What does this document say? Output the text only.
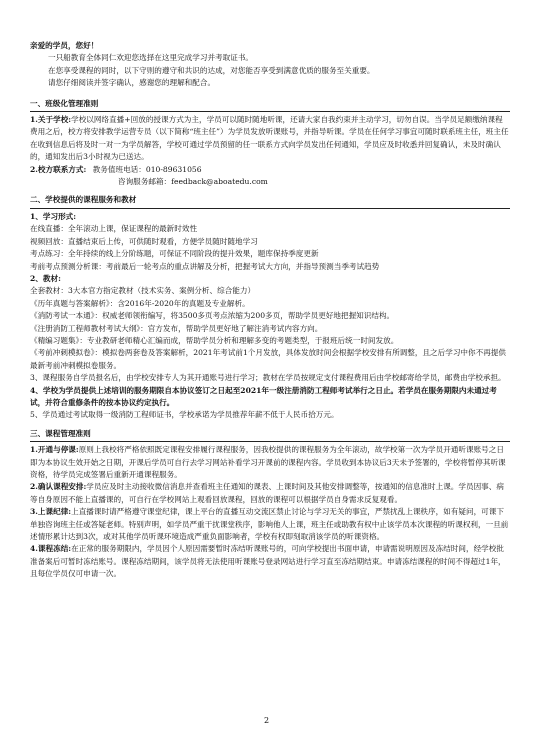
亲爱的学员，您好！

一只船教育全体同仁欢迎您选择在这里完成学习并考取证书。

在您享受课程的同时，以下守则的遵守和共识的达成，对您能否享受到满意优质的服务至关重要。

请您仔细阅读并签字确认，感谢您的理解和配合。

一、班级化管理准则

1.关于学校:学校以网络直播+回放的授课方式为主，学员可以随时随地听课，还请大家自我约束并主动学习，切勿自误。当学员足额缴纳课程费用之后，校方将安排教学运营专员（以下简称“班主任”）为学员发放听课账号，并指导听课。学员在任何学习事宜可随时联系班主任，班主任在收到信息后将及时一对一为学员解答，学校可通过学员预留的任一联系方式向学员发出任何通知，学员应及时收悉并回复确认，未及时确认的，通知发出后3小时视为已送达。

2.校方联系方式: 教务值班电话：010-89631056

咨询服务邮箱：feedback@aboatedu.com

二、学校提供的课程服务和教材

1、学习形式:

在线直播：全年滚动上课，保证课程的最新时效性

视频回放：直播结束后上传，可供随时观看，方便学员随时随地学习

考点练习：全年持续的线上分阶练题，可保证不同阶段的提升效果，题库保持季度更新

考前考点预测分析课：考前最后一轮考点的重点讲解及分析，把握考试大方向，并指导预测当季考试趋势

2、教材:

全套教材：3大本官方指定教材（技术实务、案例分析、综合能力）

《历年真题与答案解析》：含2016年-2020年的真题及专业解析。

《消防考试一本通》：权威老师领衔编写，将3500多页考点浓缩为200多页，帮助学员更好地把握知识结构。

《注册消防工程师教材考试大纲》：官方发布，帮助学员更好地了解注消考试内容方向。

《精编习题集》：专业教研老师精心汇编而成，帮助学员分析和理解多变的考题类型，于报班后统一时间发放。

《考前冲刺模拟卷》：模拟卷两套卷及答案解析，2021年考试前1个月发放，具体发放时间会根据学校安排有所调整，且之后学习中你不再提供最新考前冲刺模拟卷服务。

3、课程服务自学员报名后，由学校安排专人为其开通账号进行学习；教材在学员按规定支付课程费用后由学校邮寄给学员，邮费由学校承担。

4、学校为学员提供上述培训的服务期限自本协议签订之日起至2021年一级注册消防工程师考试举行之日止。若学员在服务期限内未通过考试，并符合重修条件的按本协议约定执行。

5、学员通过考试取得一级消防工程师证书，学校承诺为学员推荐年薪不低于人民币拾万元。

三、课程管理准则

1.开通与停课:原则上我校将严格依照既定课程安排履行课程服务，因我校提供的课程服务为全年滚动，故学校第一次为学员开通听课账号之日即为本协议生效开始之日期，开课后学员可自行去学习网站补看学习开课前的课程内容。学员收到本协议后3天未予签署的，学校将暂停其听课资格，待学员完成签署后重新开通课程服务。

2.确认课程安排:学员应及时主动接收微信消息并查看班主任通知的课表、上课时间及其他安排调整等，按通知的信息准时上课。学员因事、病等自身原因不能上直播课的，可自行在学校网站上观看回放课程，回放的课程可以根据学员自身需求反复观看。

3.上课纪律:上直播课时请严格遵守课堂纪律，课上平台的直播互动交流区禁止讨论与学习无关的事宜，严禁扰乱上课秩序，如有疑问，可课下单独咨询班主任或答疑老师。特别声明，如学员严重干扰课堂秩序，影响他人上课，班主任或助教有权中止该学员本次课程的听课权利，一旦前述情形累计达到3次，或对其他学员听课环境造成严重负面影响者，学校有权即刻取消该学员的听课资格。

4.课程冻结:在正常的服务期限内，学员因个人原因需要暂时冻结听课账号的，可向学校提出书面申请，申请需说明原因及冻结时间，经学校批准备案后可暂时冻结账号。课程冻结期间，该学员将无法使用听课账号登录网站进行学习直至冻结期结束。申请冻结课程的时间不得超过1年，且每位学员仅可申请一次。

2
